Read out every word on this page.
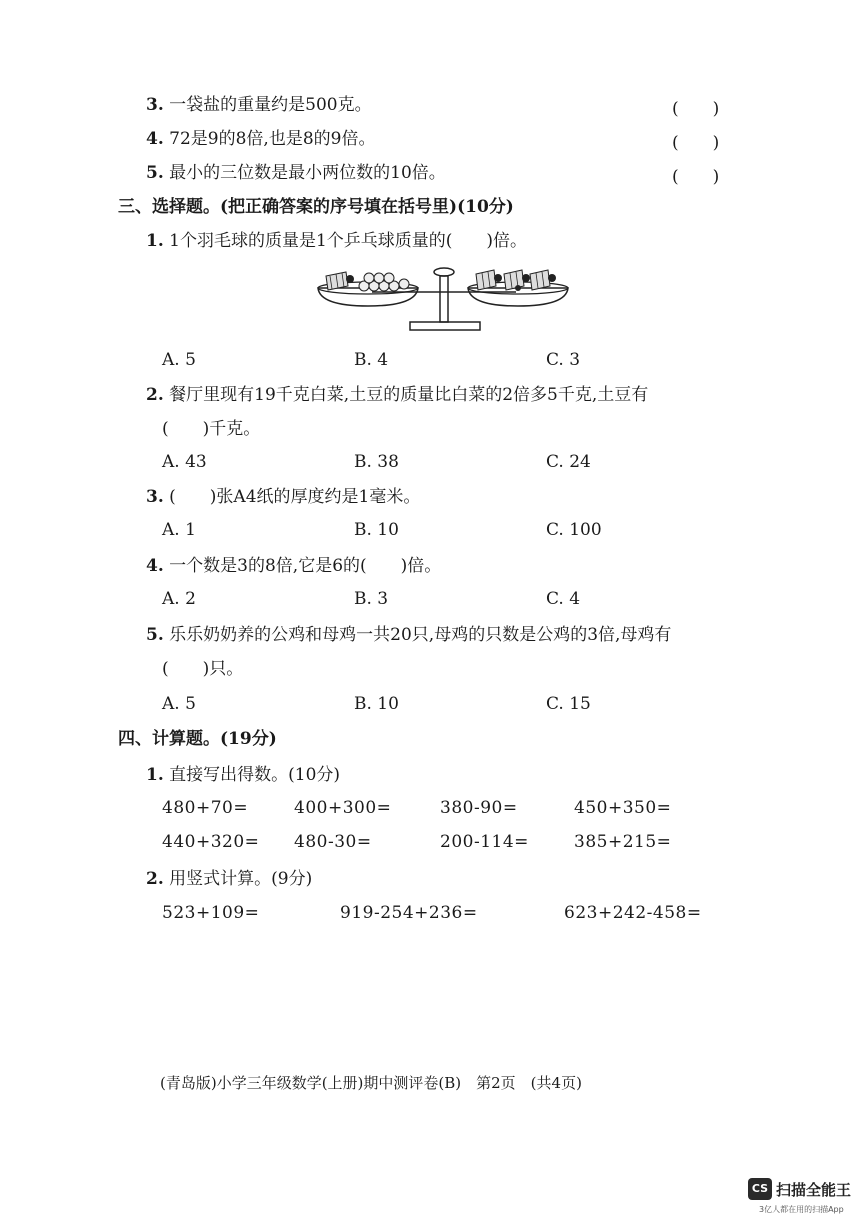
3. 一袋盐的重量约是500克。	(　　)
4. 72是9的8倍,也是8的9倍。	(　　)
5. 最小的三位数是最小两位数的10倍。	(　　)
三、选择题。(把正确答案的序号填在括号里)(10分)
1. 1个羽毛球的质量是1个乒乓球质量的(　　)倍。
A. 5	B. 4	C. 3
2. 餐厅里现有19千克白菜,土豆的质量比白菜的2倍多5千克,土豆有
(　　)千克。
A. 43	B. 38	C. 24
3. (　　)张A4纸的厚度约是1毫米。
A. 1	B. 10	C. 100
4. 一个数是3的8倍,它是6的(　　)倍。
A. 2	B. 3	C. 4
5. 乐乐奶奶养的公鸡和母鸡一共20只,母鸡的只数是公鸡的3倍,母鸡有
(　　)只。
A. 5	B. 10	C. 15
四、计算题。(19分)
1. 直接写出得数。(10分)
480+70=	400+300=	380-90=	450+350=
440+320= 480-30=	200-114=	385+215=
2. 用竖式计算。(9分)
523+109=	919-254+236=	623+242-458=
(青岛版)小学三年级数学(上册)期中测评卷(B)　第2页　(共4页)
CS 扫描全能王
3亿人都在用的扫描App
